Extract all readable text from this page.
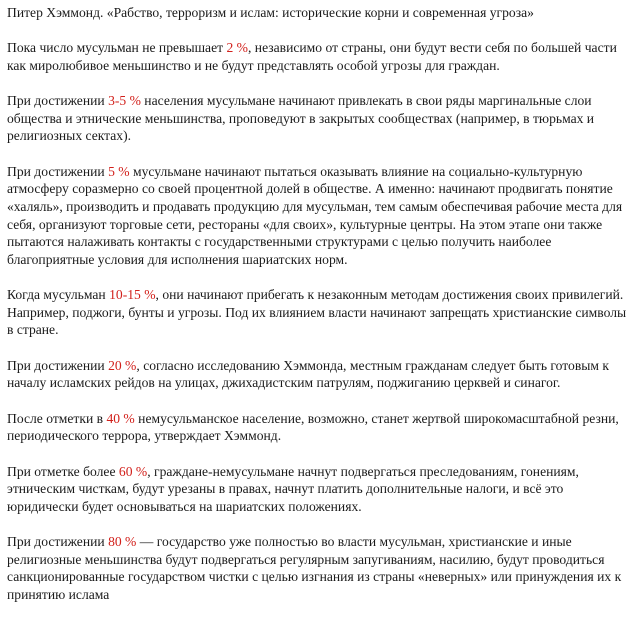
Питер Хэммонд. «Рабство, терроризм и ислам: исторические корни и современная угроза»

Пока число мусульман не превышает 2 %, независимо от страны, они будут вести себя по большей части как миролюбивое меньшинство и не будут представлять особой угрозы для граждан.

При достижении 3-5 % населения мусульмане начинают привлекать в свои ряды маргинальные слои общества и этнические меньшинства, проповедуют в закрытых сообществах (например, в тюрьмах и религиозных сектах).

При достижении 5 % мусульмане начинают пытаться оказывать влияние на социально-культурную атмосферу соразмерно со своей процентной долей в обществе. А именно: начинают продвигать понятие «халяль», производить и продавать продукцию для мусульман, тем самым обеспечивая рабочие места для себя, организуют торговые сети, рестораны «для своих», культурные центры. На этом этапе они также пытаются налаживать контакты с государственными структурами с целью получить наиболее благоприятные условия для исполнения шариатских норм.

Когда мусульман 10-15 %, они начинают прибегать к незаконным методам достижения своих привилегий. Например, поджоги, бунты и угрозы. Под их влиянием власти начинают запрещать христианские символы в стране.

При достижении 20 %, согласно исследованию Хэммонда, местным гражданам следует быть готовым к началу исламских рейдов на улицах, джихадистским патрулям, поджиганию церквей и синагог.

После отметки в 40 % немусульманское население, возможно, станет жертвой широкомасштабной резни, периодического террора, утверждает Хэммонд.

При отметке более 60 %, граждане-немусульмане начнут подвергаться преследованиям, гонениям, этническим чисткам, будут урезаны в правах, начнут платить дополнительные налоги, и всё это юридически будет основываться на шариатских положениях.

При достижении 80 % — государство уже полностью во власти мусульман, христианские и иные религиозные меньшинства будут подвергаться регулярным запугиваниям, насилию, будут проводиться санкционированные государством чистки с целью изгнания из страны «неверных» или принуждения их к принятию ислама
